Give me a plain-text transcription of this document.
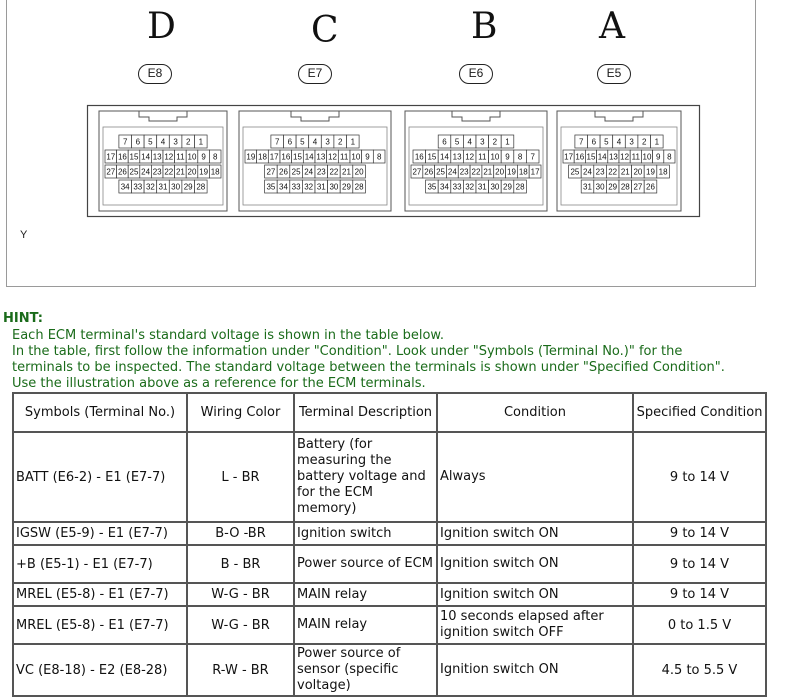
D	C	B	A
E8	E7	E6	E5
7 6 5 4 3 2 1
17 16 15 14 13 12 11 10 9 8
27 26 25 24 23 22 21 20 19 18
34 33 32 31 30 29 28
7 6 5 4 3 2 1
19 18 17 16 15 14 13 12 11 10 9 8
27 26 25 24 23 22 21 20
35 34 33 32 31 30 29 28
6 5 4 3 2 1
16 15 14 13 12 11 10 9 8 7
27 26 25 24 23 22 21 20 19 18 17
35 34 33 32 31 30 29 28
7 6 5 4 3 2 1
17 16 15 14 13 12 11 10 9 8
25 24 23 22 21 20 19 18
31 30 29 28 27 26
Y
HINT:
Each ECM terminal's standard voltage is shown in the table below.
In the table, first follow the information under "Condition". Look under "Symbols (Terminal No.)" for the
terminals to be inspected. The standard voltage between the terminals is shown under "Specified Condition".
Use the illustration above as a reference for the ECM terminals.
Symbols (Terminal No.)	Wiring Color	Terminal Description	Condition	Specified Condition
BATT (E6-2) - E1 (E7-7)	L - BR	Battery (for measuring the battery voltage and for the ECM memory)	Always	9 to 14 V
IGSW (E5-9) - E1 (E7-7)	B-O -BR	Ignition switch	Ignition switch ON	9 to 14 V
+B (E5-1) - E1 (E7-7)	B - BR	Power source of ECM	Ignition switch ON	9 to 14 V
MREL (E5-8) - E1 (E7-7)	W-G - BR	MAIN relay	Ignition switch ON	9 to 14 V
MREL (E5-8) - E1 (E7-7)	W-G - BR	MAIN relay	10 seconds elapsed after ignition switch OFF	0 to 1.5 V
VC (E8-18) - E2 (E8-28)	R-W - BR	Power source of sensor (specific voltage)	Ignition switch ON	4.5 to 5.5 V
